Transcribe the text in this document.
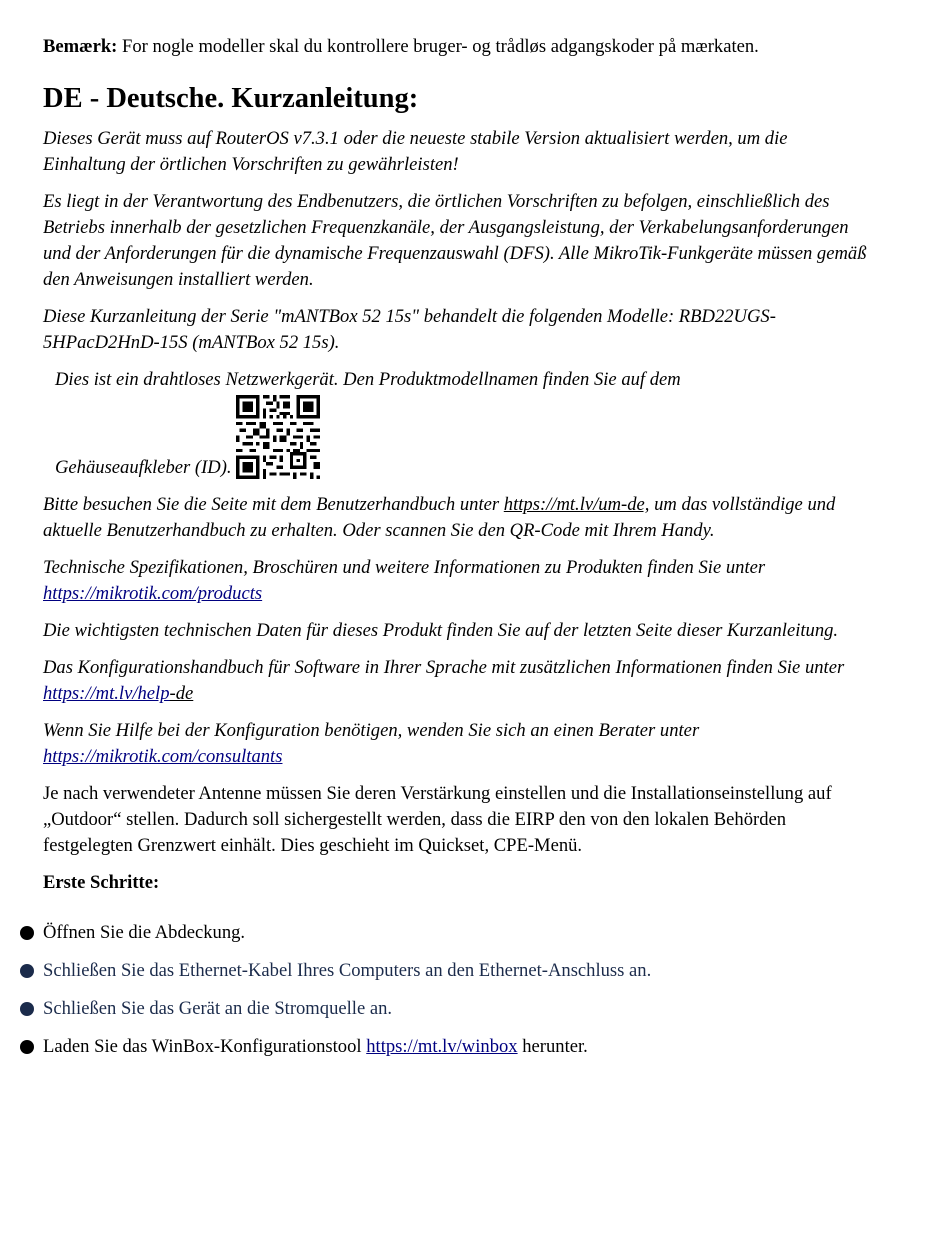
Bemærk: For nogle modeller skal du kontrollere bruger- og trådløs adgangskoder på mærkaten.

DE - Deutsche. Kurzanleitung:

Dieses Gerät muss auf RouterOS v7.3.1 oder die neueste stabile Version aktualisiert werden, um die Einhaltung der örtlichen Vorschriften zu gewährleisten!

Es liegt in der Verantwortung des Endbenutzers, die örtlichen Vorschriften zu befolgen, einschließlich des Betriebs innerhalb der gesetzlichen Frequenzkanäle, der Ausgangsleistung, der Verkabelungsanforderungen und der Anforderungen für die dynamische Frequenzauswahl (DFS). Alle MikroTik-Funkgeräte müssen gemäß den Anweisungen installiert werden.

Diese Kurzanleitung der Serie "mANTBox 52 15s" behandelt die folgenden Modelle: RBD22UGS-5HPacD2HnD-15S (mANTBox 52 15s).

Dies ist ein drahtloses Netzwerkgerät. Den Produktmodellnamen finden Sie auf dem
Gehäuseaufkleber (ID).

Bitte besuchen Sie die Seite mit dem Benutzerhandbuch unter https://mt.lv/um-de, um das vollständige und aktuelle Benutzerhandbuch zu erhalten. Oder scannen Sie den QR-Code mit Ihrem Handy.

Technische Spezifikationen, Broschüren und weitere Informationen zu Produkten finden Sie unter https://mikrotik.com/products

Die wichtigsten technischen Daten für dieses Produkt finden Sie auf der letzten Seite dieser Kurzanleitung.

Das Konfigurationshandbuch für Software in Ihrer Sprache mit zusätzlichen Informationen finden Sie unter https://mt.lv/help-de

Wenn Sie Hilfe bei der Konfiguration benötigen, wenden Sie sich an einen Berater unter https://mikrotik.com/consultants

Je nach verwendeter Antenne müssen Sie deren Verstärkung einstellen und die Installationseinstellung auf „Outdoor“ stellen. Dadurch soll sichergestellt werden, dass die EIRP den von den lokalen Behörden festgelegten Grenzwert einhält. Dies geschieht im Quickset, CPE-Menü.

Erste Schritte:

Öffnen Sie die Abdeckung.
Schließen Sie das Ethernet-Kabel Ihres Computers an den Ethernet-Anschluss an.
Schließen Sie das Gerät an die Stromquelle an.
Laden Sie das WinBox-Konfigurationstool https://mt.lv/winbox herunter.
